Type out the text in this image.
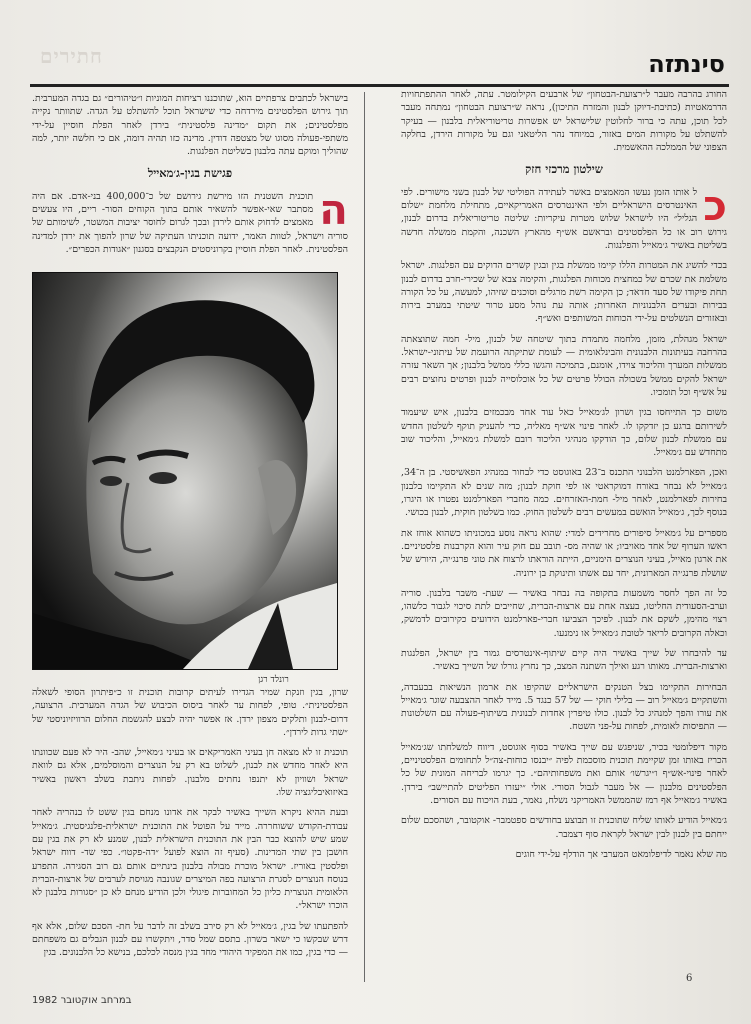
חתירים	סינתזה

החורג בהרבה מעבר ל״רצועת-הבטחון״ של ארבעים הקילומטר. עתה, לאחר ההתפתחויות הדרמאטיות (כתיבת-דיוקן לבנון והמזרח התיכון), נראה ש״רצועת הבטחון״ נמתחה מעבר לכל תוכן, עתה כי ברור לחלוטין שלישראל יש אפשרות טריטוריאלית בלבנון — בעיקר להשתלט על מקורות המים באזור, במיוחד נהר הליטאני וגם על מקורות הירדן, בחלקה הצפוני של הממלכה ההאשמית.

שילטון מרכזי חזק

כ
ל אותו הזמן נעשו המאמצים באשר לעתידה הפוליטי של לבנון בשני מישורים. לפי האינטרסים הישראליים ולפי האינטרסים האמריקאיים, מתחילת מלחמת ״שלום הגליל״ היו לישראל שלוש מטרות עיקריות: שליטה טריטוריאלית בדרום לבנון, גירוש רוב או כל הפלסטינים ובראשם אש״ף מהארץ השכנה, והקמת ממשלה חדשה בשליטת באשיר ג׳מאייל והפלנגות.

בכדי להשיג את המטרות הללו קיימו ממשלת בגין ובגין קשרים הדוקים עם הפלנגות. ישראל משלמת את שכרם של כמחצית מכוחות הפלנגות, והקימה צבא של שכירי-חרב בדרום לבנון תחת פיקודו של סעד חדאד; כן הקימה רשת מרגלים וסוכנים שזיהו, למעשה, על כל הקורה בבירות ובערים הלבנוניות האחרות; אותה עת נוהל מסע טרור שיטתי במערב בירות ובאזורים הנשלטים על-ידי הכוחות המשותפים ואש״ף.

ישראל מגהלת, מזמן, מלחמה מתמדת בתוך שיטחה של לבנון, מיל- חמה שתוצאתה בהרחבה בעיתונות הלבנונית והבינלאומית — לעומת שתיקתה הרועמת של עיתוני-ישראל. ממשלות המערך והליכוד צוידו, אומנם, בתמיכה והגשו כללי ממשל בלבנון; אך השאר עזרה ישראל להקים ממשל בשכולה הכולל פרטים של כל אוכלוסייה לבנון ופרטים נחוצים רבים על אש״ף וכל תומכיו.

משום כך התייחסו בגין ושרון לג׳מאייל כאל עוד אחד מבכמזים בלבנון, איש שיעמוד לשירותם ברגע כן יזדקקו לו. לאחר פינוי אש״ף מאליה, כדי להעניק תוקף לשלטון החדש עם ממשלת לבנון שלום, כך הודקקו מנהיגי הליכוד רובם למשלת ג׳מאייל, והליכוד שוב מתחדש עם ג׳מאייל.

ואכן, הפארלמנט הלבנוני התכנס ב־23 באוגוסט כדי לבחור במנהיג הפאשיסטי. בן ה־34, ג׳מאייל לא נבחר באורח דמוקראטי או לפי חוקת לבנון; מזה שנים לא התקיימו בלבנון בחירות לפארלמנט, לאחר מיל- חמת-האזרחים. כמה מחברי הפארלמנט נפטרו או היגרו, בנוסף לכך, ג׳מאייל הואשם במעשים רבים לשלטון החוק. כמו בשלטון חוקית, לבנון בכושי.

מספרים על ג׳מאייל סיפורים מחרידים למדי: שהוא נראה נוסע במכוניתו כשהוא אוחז את ראשו הערוף של אחד מאויביו; או שהיה מס- תובב עם חוק עיר והוא הקרבנות פלסטיניים. את ארגון מאייל, בעיני הנוצרים הימניים, הייתה הוראתו לרצוח את טוני פרנג׳יה, היורש של שושלת פרנג׳יה המארונית, יחד עם אשתו ותינוקת בן ירוניה.

כל זה הפך לחסר משמעות בתקופה בה נבחר באשיר — שעת- משבר בלבנון. סוריה וערב-הסעודית החליטו, בעצה אחת עם ארצות-הברית, שחייבים לתת סיכוי לגבור כלשהו, רצוי מהימן, לשקם את לבנון. לפיכך הצביעו חברי-פארלמנט הידועים כקירובים לדמשק, וכאלה הקרובים לריאד לטובת ג׳מאייל או נימנעו.

עד להיבחרו של שייך באשיר היה קיים שיתוף-אינטרסים גמור בין ישראל, הפלנגות וארצות-הברית. מאותו רגע ואילך השתנה המצב, כך נחרץ גורלו של השייך באשיר.

הבחירות התקיימו בצל הטנקים הישראליים שהקיפו את ארמון הנשיאות בבעבדה, והשתקיים ג׳מאייל רוב — בלילי חוקי — של 57 כנגד 5. מייד לאחר ההצבעה שוגר ג׳מאייל את עורו והפך למנהיג כל לבנון. כולו טיפרין אחדות לבנונית בשיתוף-פעולה עם השלטונות — התפיסות לאומית, לפחות על-פני השטח.

מקור דיפלומטי בכיר, שניפגש עם שייך באשיר בסוף אוגוסט, דיווח למשלחתו שג׳מאייל הכריז באותו זמן שקיימת תוכנית מוסכמת לפיה ״יבנסו כוחות-צה״ל לתחומים הפלסטיניים, לאחר פינוי-אש״ף ו״יגרשו׳ אותם ואת משפחותיהם״. כך יגרמו לבריחה המונית של כל הפלסטינים מלבנון — אל מעבר לגבול הסורי. אולי ״יעזרו הפליטים להתיישב״ בירדן. באשיר ג׳מאייל אף רמז שהממשל האמריקני נשלח, נאמר, בעת הויכוח עם הסורים.

ג׳מאייל הודיע לאותו שליח שתוכנית זו תבוצע בחודשים ספטמבר- אוקטובר, ושהסכם שלום ייחתם בין לבנון לבין ישראל לקראת סוף דצמבר.

מה שלא נאמר לדיפלומאט המערבי אך הודלף על-ידי חוגים

בישראל לכתבים צרפתיים הוא, שתוכננו רציחות המוניות ו״טיהורים״ גם בגדה המערבית. תוך גירוש הפלסטינים מירדחה כדי שישראל תוכל להשתלט על הגדה. שתוותר נקייה מפלסטינים; את תקום ״מדינה פלסטינית״ בירדן לאחר הפלת חוסיין על-ידי משתפי-פעולה מסוגו של מצטפה דודין. מדינה כזו תהיה דומה, אם כי חלשה יותר, למה שהוליך ומוקם עתה בלבנון בשליטת הפלנגות.

פגישת בגין-ג׳מאייל

ה
תוכנית השטנית הזו מירשת גירושם של כ־400,000 בני-אדם. אם היה מסתבר שאי-אפשר להשאיר אותם בתוך הקוחים הסור- ריים, היו צעשים מאמצים לדחוק אותם לירדן ובכך לגרום לחוסר יציבות המשטר, לשימותם של סוריה וישראל, לטוות האמר, ידועה תוכניתו העתיקה של שרון להפוך את ירדן למדינה הפלסטינית. לאחר הפלת חוסיין בקרוניסטים הנקבצים בסגנון ״אגודות הכפרים״.

רונלד רגן

שרון, בגין וזנקת שמיר הגדירו לעיתים קרובות תוכנית זו כ״פיתרון הסופי לשאלה הפלסטינית״. טופי, לפחות עד לאחר ביסוס הכיבוש של הגדה המערבית. הרצועה, דרום-לבנון ותלקים מצפון ירדן. אז אפשר יהיה לבצע להגשמת החלום הרוויזיוניסטי של ״שתי גדות לירדן״.

תוכנית זו לא מצאה חן בעיני האמריקאים או בעיני ג׳מאייל, שהב- היר לא פעם שכוונתו היא לאחד מחדש את לבנון, לשלוט בא רק על הנוצרים והמוסלמים, אלא גם לוואת ישראל ושוויון לא יתנפו נחתים מלבנון. לפחות ניתבת בשלב ראשון באשיר באיזואיבליגציה שלו.

ובעת ההיא ניקרא השייך באשיר לבקר את אדונו מנחם בגין ששט לו בנהריה לאחר עבודת-הקודש ששוחררה. מייד על הפוטל את התוכנית ישראלית-פלנגיסטית. ג׳מאייל שמע שיש להוצא כבר הבין את התוכנית הישראלית לבנון, שמנע לא רק את בגין עם חושבן בין שתי המדינות. (סעיף זה הוצא לפועל ״דה-פקטו״. כפי שד- דווח ישראל ופלסטין באוריז. ישראל מוכרת מבולה בלבנון בינתיים אותם גם רוב הסגירה. התפרע בנוסח הנוצרים לסגרת הרצועה בפה המיצרים שגונבה מגויסת לערבים של ארצות-הברית הלאומית הנוצרית כליון כל המחוברות פיגולי ולכן הודיע מנחם לא כן ״סגורות בלבנון לא הוכרו ישראל״.

להפתעתו של בגין, ג׳מאייל לא רק סירב בשלב זה לדבר על חת- הסכם שלום, אלא אף דרש שבקשו כי ישאר בשרון. בתסם שמל סדר, ויתקשרו עם לבנון הגבלים גם משפחתם — כדי בגין, כמו את המפקיד היהודי מחד בגין מנסה לכלכם, בנישא כל הלבנונים. בגין

6
במרחב אוקטובר 1982
